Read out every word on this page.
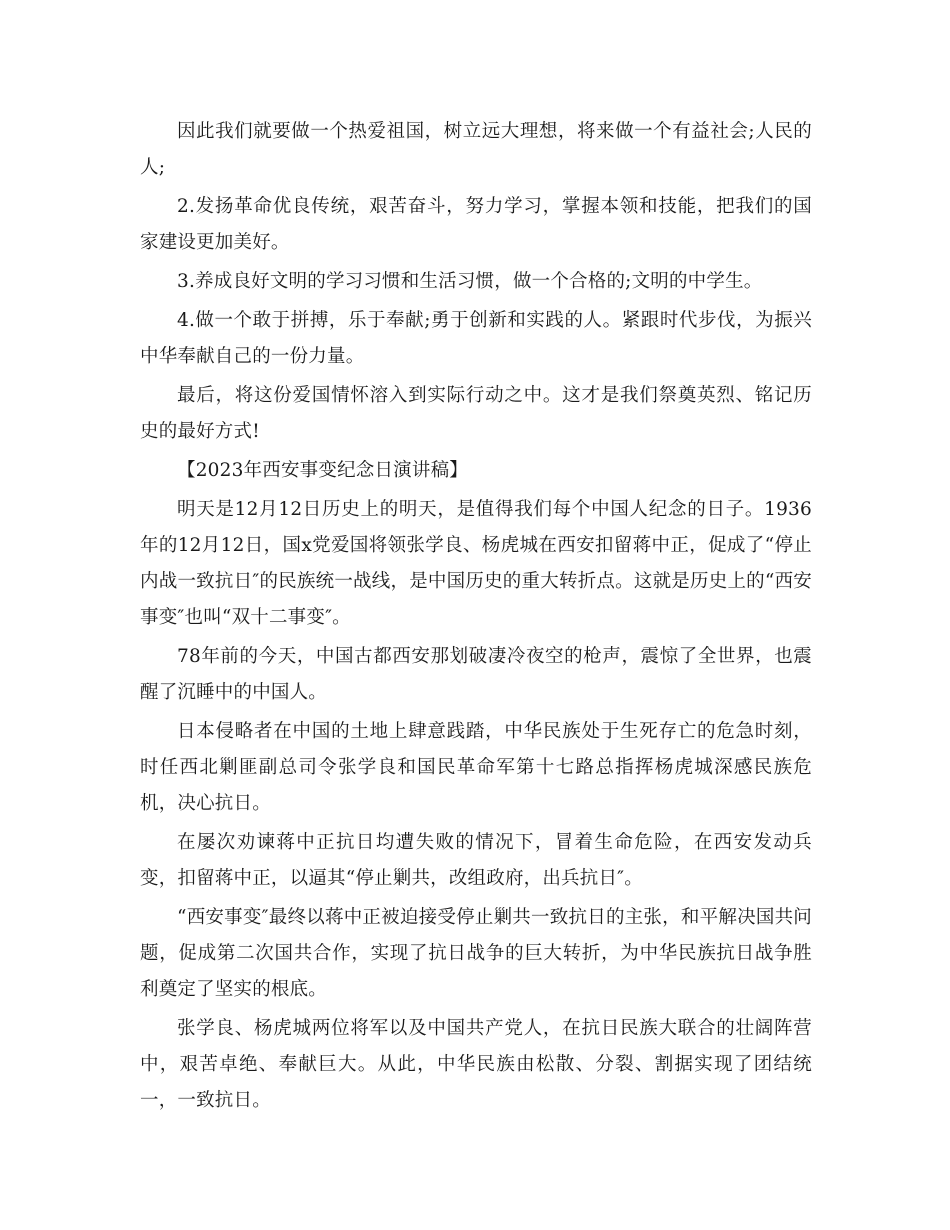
因此我们就要做一个热爱祖国，树立远大理想，将来做一个有益社会;人民的人;

2.发扬革命优良传统，艰苦奋斗，努力学习，掌握本领和技能，把我们的国家建设更加美好。

3.养成良好文明的学习习惯和生活习惯，做一个合格的;文明的中学生。

4.做一个敢于拼搏，乐于奉献;勇于创新和实践的人。紧跟时代步伐，为振兴中华奉献自己的一份力量。

最后，将这份爱国情怀溶入到实际行动之中。这才是我们祭奠英烈、铭记历史的最好方式!

【2023年西安事变纪念日演讲稿】

明天是12月12日历史上的明天，是值得我们每个中国人纪念的日子。1936年的12月12日，国x党爱国将领张学良、杨虎城在西安扣留蒋中正，促成了“停止内战一致抗日″的民族统一战线，是中国历史的重大转折点。这就是历史上的“西安事变″也叫“双十二事变″。

78年前的今天，中国古都西安那划破凄冷夜空的枪声，震惊了全世界，也震醒了沉睡中的中国人。

日本侵略者在中国的土地上肆意践踏，中华民族处于生死存亡的危急时刻，时任西北剿匪副总司令张学良和国民革命军第十七路总指挥杨虎城深感民族危机，决心抗日。

在屡次劝谏蒋中正抗日均遭失败的情况下，冒着生命危险，在西安发动兵变，扣留蒋中正，以逼其“停止剿共，改组政府，出兵抗日″。

“西安事变″最终以蒋中正被迫接受停止剿共一致抗日的主张，和平解决国共问题，促成第二次国共合作，实现了抗日战争的巨大转折，为中华民族抗日战争胜利奠定了坚实的根底。

张学良、杨虎城两位将军以及中国共产党人，在抗日民族大联合的壮阔阵营中，艰苦卓绝、奉献巨大。从此，中华民族由松散、分裂、割据实现了团结统一，一致抗日。
